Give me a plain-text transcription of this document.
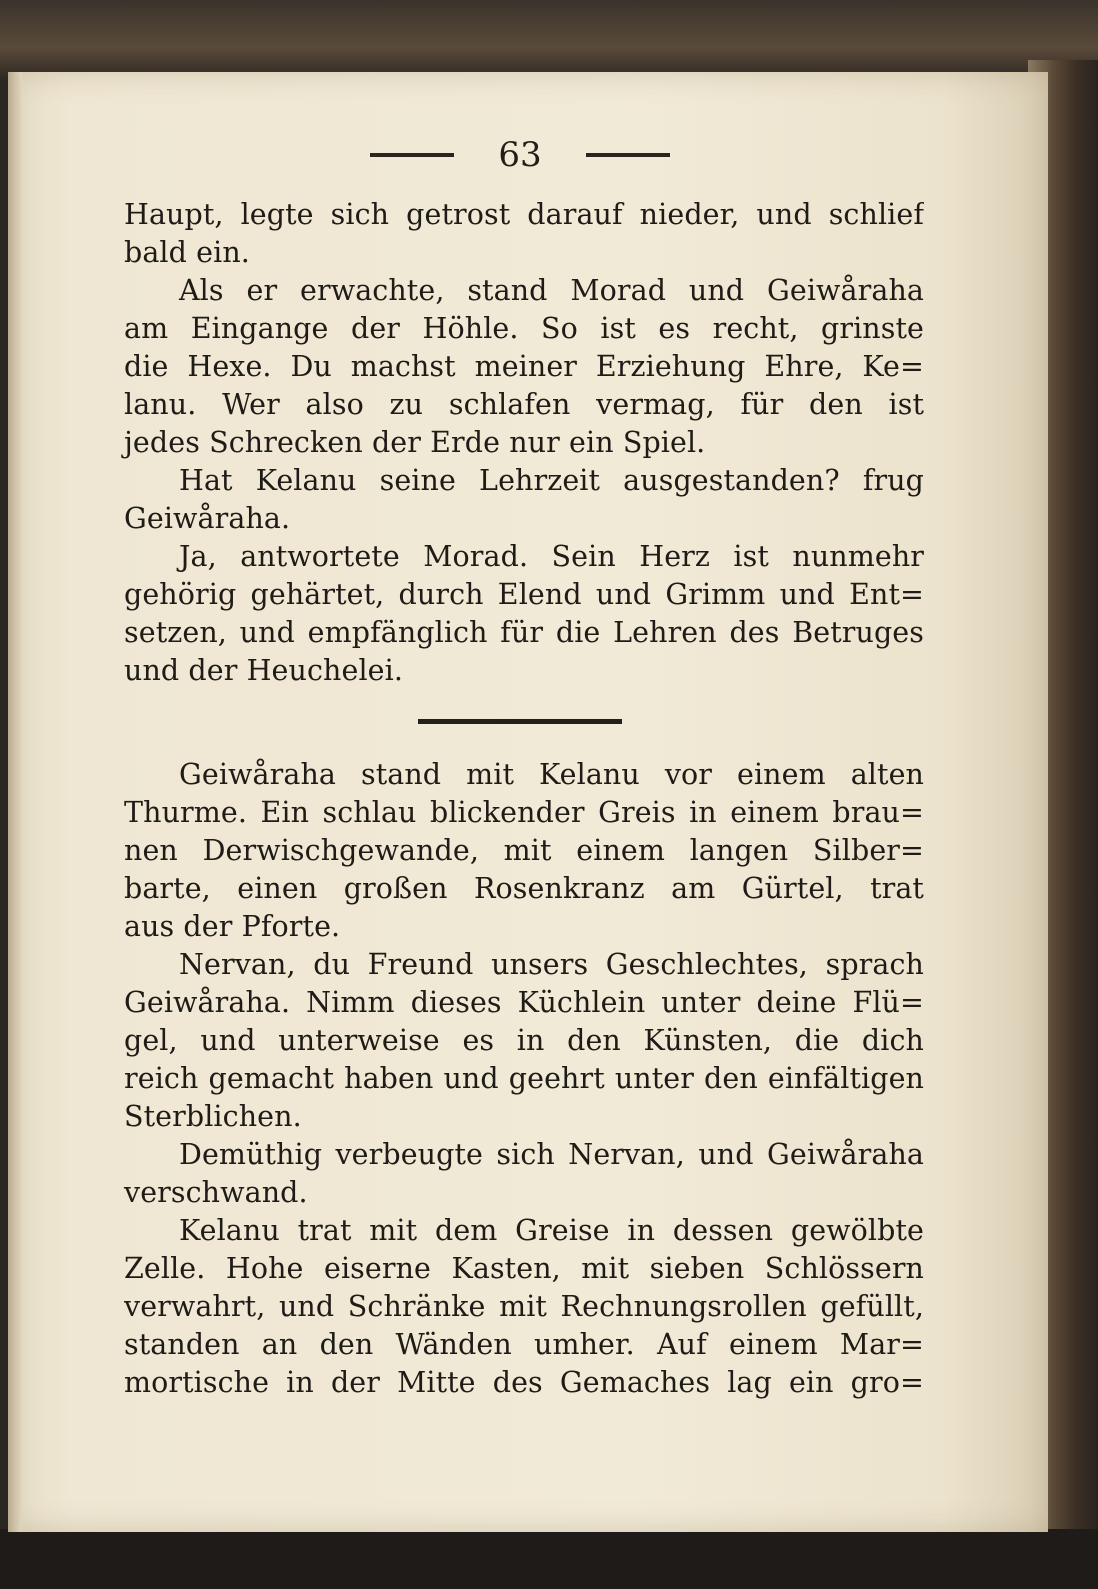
63
Haupt, legte sich getrost darauf nieder, und schlief
bald ein.
Als er erwachte, stand Morad und Geiwåraha
am Eingange der Höhle. So ist es recht, grinste
die Hexe. Du machst meiner Erziehung Ehre, Ke=
lanu. Wer also zu schlafen vermag, für den ist
jedes Schrecken der Erde nur ein Spiel.
Hat Kelanu seine Lehrzeit ausgestanden? frug
Geiwåraha.
Ja, antwortete Morad. Sein Herz ist nunmehr
gehörig gehärtet, durch Elend und Grimm und Ent=
setzen, und empfänglich für die Lehren des Betruges
und der Heuchelei.
Geiwåraha stand mit Kelanu vor einem alten
Thurme. Ein schlau blickender Greis in einem brau=
nen Derwischgewande, mit einem langen Silber=
barte, einen großen Rosenkranz am Gürtel, trat
aus der Pforte.
Nervan, du Freund unsers Geschlechtes, sprach
Geiwåraha. Nimm dieses Küchlein unter deine Flü=
gel, und unterweise es in den Künsten, die dich
reich gemacht haben und geehrt unter den einfältigen
Sterblichen.
Demüthig verbeugte sich Nervan, und Geiwåraha
verschwand.
Kelanu trat mit dem Greise in dessen gewölbte
Zelle. Hohe eiserne Kasten, mit sieben Schlössern
verwahrt, und Schränke mit Rechnungsrollen gefüllt,
standen an den Wänden umher. Auf einem Mar=
mortische in der Mitte des Gemaches lag ein gro=
